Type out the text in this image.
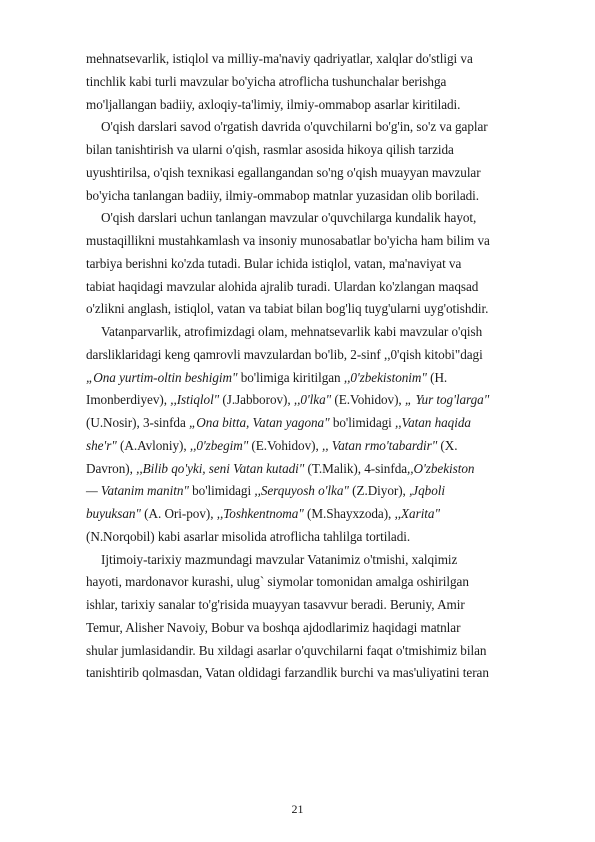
mehnatsevarlik, istiqlol va milliy-ma'naviy qadriyatlar, xalqlar do'stligi va
tinchlik kabi turli mavzular bo'yicha atroflicha tushunchalar berishga
mo'ljallangan badiiy, axloqiy-ta'limiy, ilmiy-ommabop asarlar kiritiladi.
O'qish darslari savod o'rgatish davrida o'quvchilarni bo'g'in, so'z va gaplar
bilan tanishtirish va ularni o'qish, rasmlar asosida hikoya qilish tarzida
uyushtirilsa, o'qish texnikasi egallangandan so'ng o'qish muayyan mavzular
bo'yicha tanlangan badiiy, ilmiy-ommabop matnlar yuzasidan olib boriladi.
O'qish darslari uchun tanlangan mavzular o'quvchilarga kundalik hayot,
mustaqillikni mustahkamlash va insoniy munosabatlar bo'yicha ham bilim va
tarbiya berishni ko'zda tutadi. Bular ichida istiqlol, vatan, ma'naviyat va
tabiat haqidagi mavzular alohida ajralib turadi. Ulardan ko'zlangan maqsad
o'zlikni anglash, istiqlol, vatan va tabiat bilan bog'liq tuyg'ularni uyg'otishdir.
Vatanparvarlik, atrofimizdagi olam, mehnatsevarlik kabi mavzular o'qish
darsliklaridagi keng qamrovli mavzulardan bo'lib, 2-sinf ,,0'qish kitobi"dagi
„Ona yurtim-oltin beshigim" bo'limiga kiritilgan ,,0'zbekistonim" (H.
Imonberdiyev), ,,Istiqlol" (J.Jabborov), ,,0'lka" (E.Vohidov), „ Yur tog'larga"
(U.Nosir), 3-sinfda „Ona bitta, Vatan yagona" bo'limidagi ,,Vatan haqida
she'r" (A.Avloniy), ,,0'zbegim" (E.Vohidov), ,, Vatan rmo'tabardir" (X.
Davron), ,,Bilib qo'yki, seni Vatan kutadi" (T.Malik), 4-sinfda,,O'zbekiston
— Vatanim manitn" bo'limidagi ,,Serquyosh o'lka" (Z.Diyor), ,Jqboli
buyuksan" (A. Ori-pov), ,,Toshkentnoma" (M.Shayxzoda), ,,Xarita"
(N.Norqobil) kabi asarlar misolida atroflicha tahlilga tortiladi.
Ijtimoiy-tarixiy mazmundagi mavzular Vatanimiz o'tmishi, xalqimiz
hayoti, mardonavor kurashi, ulug` siymolar tomonidan amalga oshirilgan
ishlar, tarixiy sanalar to'g'risida muayyan tasavvur beradi. Beruniy, Amir
Temur, Alisher Navoiy, Bobur va boshqa ajdodlarimiz haqidagi matnlar
shular jumlasidandir. Bu xildagi asarlar o'quvchilarni faqat o'tmishimiz bilan
tanishtirib qolmasdan, Vatan oldidagi farzandlik burchi va mas'uliyatini teran
21
